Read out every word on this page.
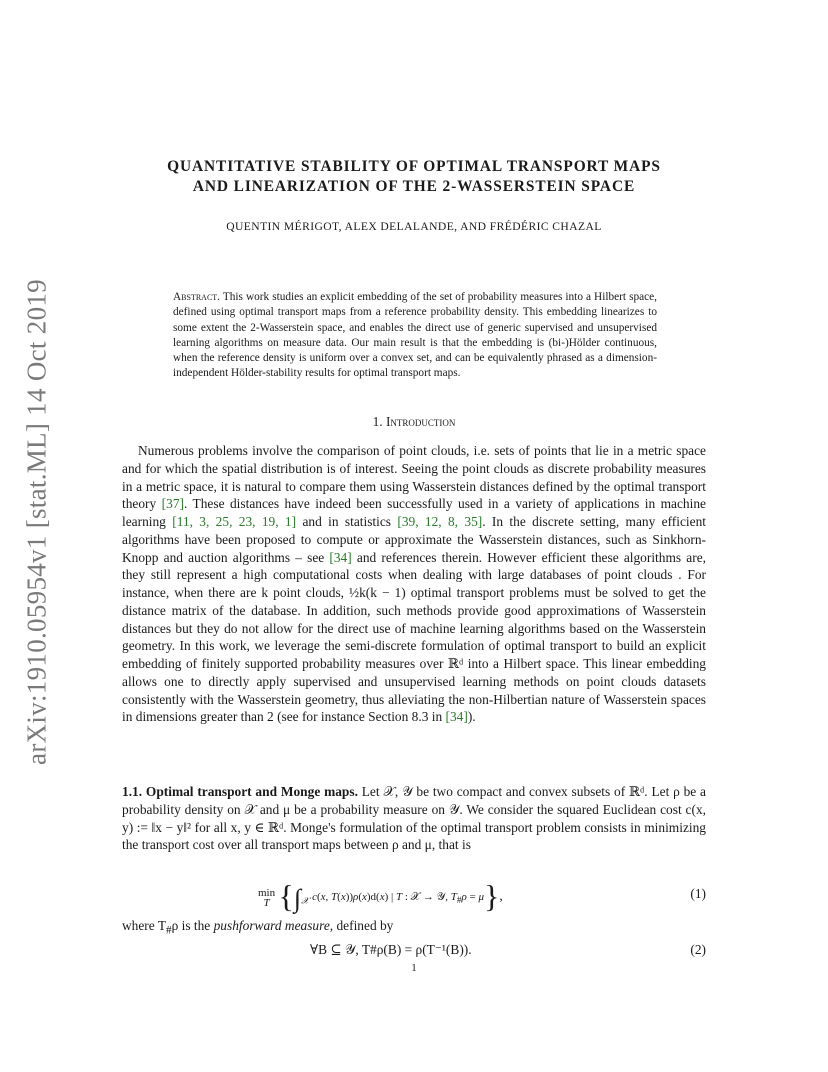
arXiv:1910.05954v1 [stat.ML] 14 Oct 2019
QUANTITATIVE STABILITY OF OPTIMAL TRANSPORT MAPS
AND LINEARIZATION OF THE 2-WASSERSTEIN SPACE
QUENTIN MÉRIGOT, ALEX DELALANDE, AND FRÉDÉRIC CHAZAL
Abstract. This work studies an explicit embedding of the set of probability measures into a Hilbert space, defined using optimal transport maps from a reference probability density. This embedding linearizes to some extent the 2-Wasserstein space, and enables the direct use of generic supervised and unsupervised learning algorithms on measure data. Our main result is that the embedding is (bi-)Hölder continuous, when the reference density is uniform over a convex set, and can be equivalently phrased as a dimension-independent Hölder-stability results for optimal transport maps.
1. Introduction
Numerous problems involve the comparison of point clouds, i.e. sets of points that lie in a metric space and for which the spatial distribution is of interest. Seeing the point clouds as discrete probability measures in a metric space, it is natural to compare them using Wasserstein distances defined by the optimal transport theory [37]. These distances have indeed been successfully used in a variety of applications in machine learning [11, 3, 25, 23, 19, 1] and in statistics [39, 12, 8, 35]. In the discrete setting, many efficient algorithms have been proposed to compute or approximate the Wasserstein distances, such as Sinkhorn-Knopp and auction algorithms – see [34] and references therein. However efficient these algorithms are, they still represent a high computational costs when dealing with large databases of point clouds . For instance, when there are k point clouds, ½k(k − 1) optimal transport problems must be solved to get the distance matrix of the database. In addition, such methods provide good approximations of Wasserstein distances but they do not allow for the direct use of machine learning algorithms based on the Wasserstein geometry. In this work, we leverage the semi-discrete formulation of optimal transport to build an explicit embedding of finitely supported probability measures over ℝᵈ into a Hilbert space. This linear embedding allows one to directly apply supervised and unsupervised learning methods on point clouds datasets consistently with the Wasserstein geometry, thus alleviating the non-Hilbertian nature of Wasserstein spaces in dimensions greater than 2 (see for instance Section 8.3 in [34]).
1.1. Optimal transport and Monge maps. Let 𝒳, 𝒴 be two compact and convex subsets of ℝᵈ. Let ρ be a probability density on 𝒳 and μ be a probability measure on 𝒴. We consider the squared Euclidean cost c(x, y) := ‖x − y‖² for all x, y ∈ ℝᵈ. Monge's formulation of the optimal transport problem consists in minimizing the transport cost over all transport maps between ρ and μ, that is
min
T {$\int_𝒳$ c(x, T(x))ρ(x)d(x) | T : 𝒳 → 𝒴, $T_{\#}\rho = \mu$},	(1)
where $T_{\#}\rho$ is the pushforward measure, defined by
∀B ⊆ 𝒴, T#ρ(B) = ρ(T⁻¹(B)).	(2)
1
